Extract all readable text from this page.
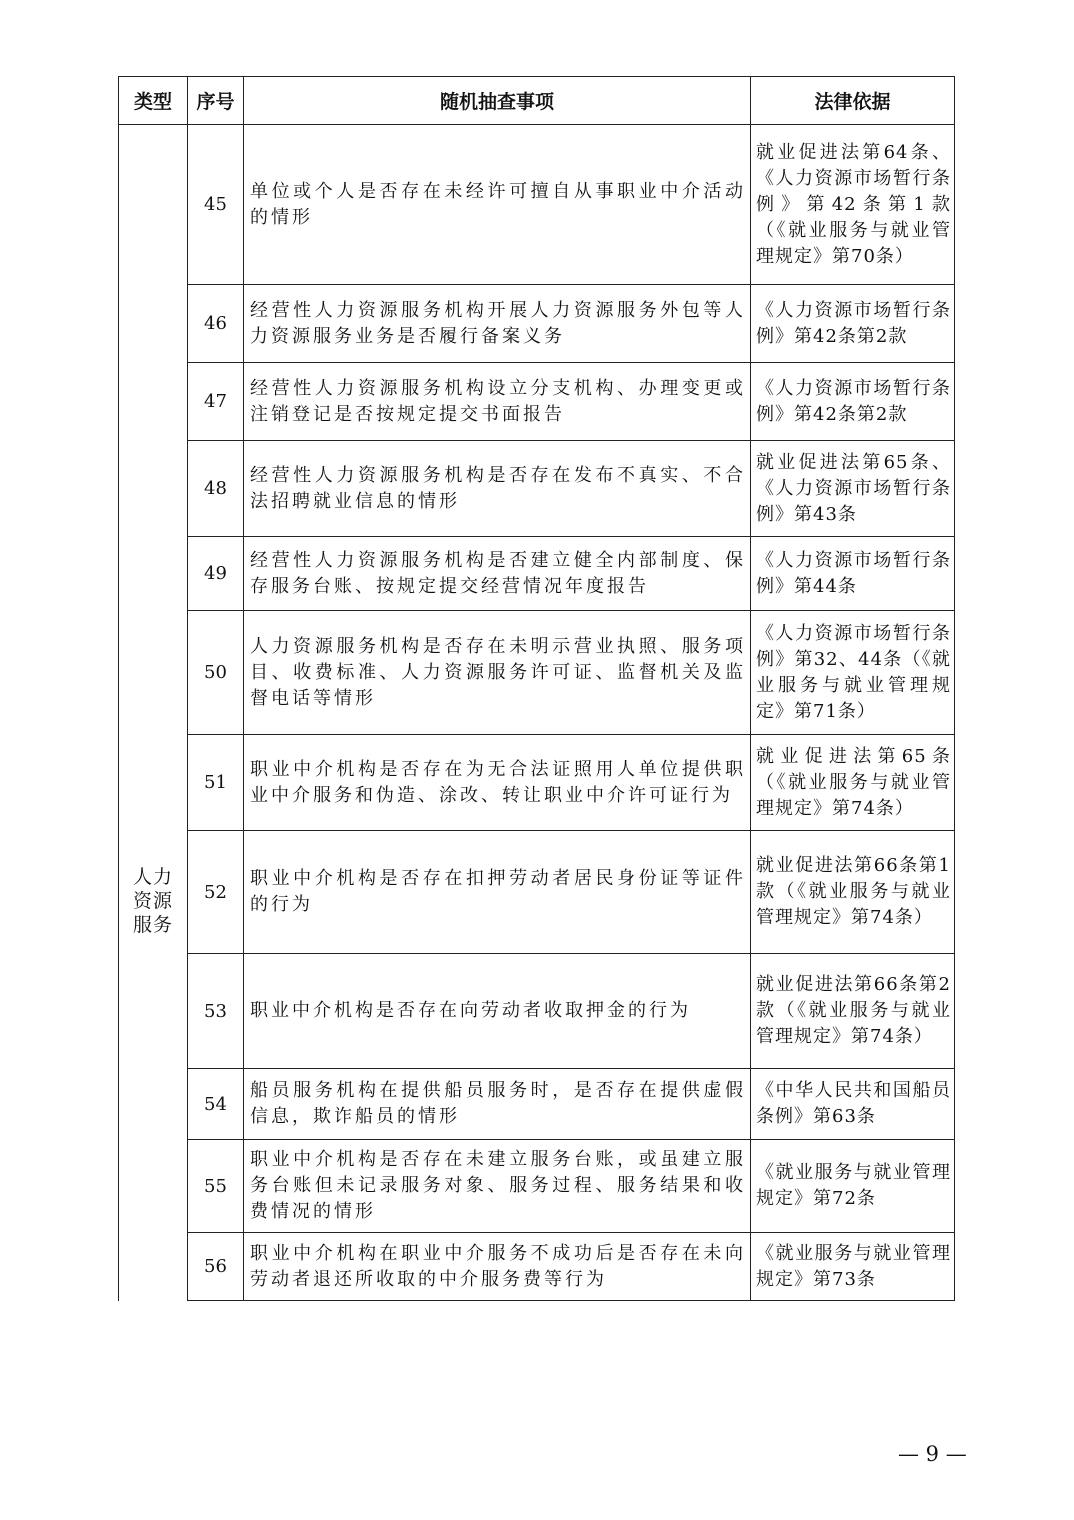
类型	序号	随机抽查事项	法律依据

人力
资源
服务	45	单位或个人是否存在未经许可擅自从事职业中介活动的情形	就业促进法第64条、《人力资源市场暂行条例》第42条第1款（《就业服务与就业管理规定》第70条）
	46	经营性人力资源服务机构开展人力资源服务外包等人力资源服务业务是否履行备案义务	《人力资源市场暂行条例》第42条第2款
	47	经营性人力资源服务机构设立分支机构、办理变更或注销登记是否按规定提交书面报告	《人力资源市场暂行条例》第42条第2款
	48	经营性人力资源服务机构是否存在发布不真实、不合法招聘就业信息的情形	就业促进法第65条、《人力资源市场暂行条例》第43条
	49	经营性人力资源服务机构是否建立健全内部制度、保存服务台账、按规定提交经营情况年度报告	《人力资源市场暂行条例》第44条
	50	人力资源服务机构是否存在未明示营业执照、服务项目、收费标准、人力资源服务许可证、监督机关及监督电话等情形	《人力资源市场暂行条例》第32、44条（《就业服务与就业管理规定》第71条）
	51	职业中介机构是否存在为无合法证照用人单位提供职业中介服务和伪造、涂改、转让职业中介许可证行为	就业促进法第65条（《就业服务与就业管理规定》第74条）
	52	职业中介机构是否存在扣押劳动者居民身份证等证件的行为	就业促进法第66条第1款（《就业服务与就业管理规定》第74条）
	53	职业中介机构是否存在向劳动者收取押金的行为	就业促进法第66条第2款（《就业服务与就业管理规定》第74条）
	54	船员服务机构在提供船员服务时，是否存在提供虚假信息，欺诈船员的情形	《中华人民共和国船员条例》第63条
	55	职业中介机构是否存在未建立服务台账，或虽建立服务台账但未记录服务对象、服务过程、服务结果和收费情况的情形	《就业服务与就业管理规定》第72条
	56	职业中介机构在职业中介服务不成功后是否存在未向劳动者退还所收取的中介服务费等行为	《就业服务与就业管理规定》第73条
— 9 —
